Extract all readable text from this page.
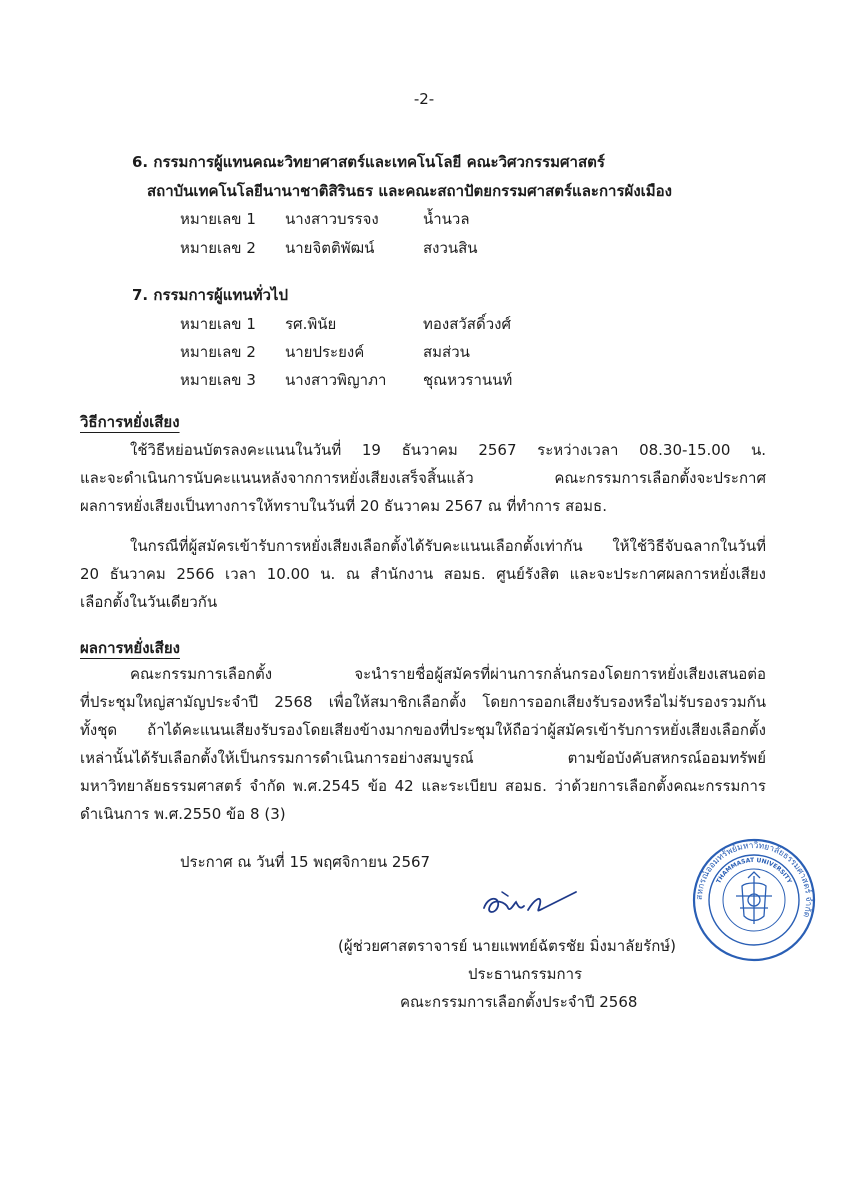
-2-
6. กรรมการผู้แทนคณะวิทยาศาสตร์และเทคโนโลยี คณะวิศวกรรมศาสตร์
สถาบันเทคโนโลยีนานาชาติสิรินธร และคณะสถาปัตยกรรมศาสตร์และการผังเมือง
หมายเลข 1 นางสาวบรรจง	น้ำนวล
หมายเลข 2 นายจิตติพัฒน์	สงวนสิน
7. กรรมการผู้แทนทั่วไป
หมายเลข 1 รศ.พินัย	ทองสวัสดิ์วงศ์
หมายเลข 2 นายประยงค์	สมส่วน
หมายเลข 3 นางสาวพิญาภา ชุณหวรานนท์
วิธีการหยั่งเสียง
ใช้วิธีหย่อนบัตรลงคะแนนในวันที่ 19 ธันวาคม 2567 ระหว่างเวลา 08.30-15.00 น.
และจะดำเนินการนับคะแนนหลังจากการหยั่งเสียงเสร็จสิ้นแล้ว คณะกรรมการเลือกตั้งจะประกาศ
ผลการหยั่งเสียงเป็นทางการให้ทราบในวันที่ 20 ธันวาคม 2567 ณ ที่ทำการ สอมธ.
ในกรณีที่ผู้สมัครเข้ารับการหยั่งเสียงเลือกตั้งได้รับคะแนนเลือกตั้งเท่ากัน ให้ใช้วิธีจับฉลากในวันที่
20 ธันวาคม 2566 เวลา 10.00 น. ณ สำนักงาน สอมธ. ศูนย์รังสิต และจะประกาศผลการหยั่งเสียง
เลือกตั้งในวันเดียวกัน
ผลการหยั่งเสียง
คณะกรรมการเลือกตั้ง จะนำรายชื่อผู้สมัครที่ผ่านการกลั่นกรองโดยการหยั่งเสียงเสนอต่อ
ที่ประชุมใหญ่สามัญประจำปี 2568 เพื่อให้สมาชิกเลือกตั้ง โดยการออกเสียงรับรองหรือไม่รับรองรวมกัน
ทั้งชุด ถ้าได้คะแนนเสียงรับรองโดยเสียงข้างมากของที่ประชุมให้ถือว่าผู้สมัครเข้ารับการหยั่งเสียงเลือกตั้ง
เหล่านั้นได้รับเลือกตั้งให้เป็นกรรมการดำเนินการอย่างสมบูรณ์ ตามข้อบังคับสหกรณ์ออมทรัพย์
มหาวิทยาลัยธรรมศาสตร์ จำกัด พ.ศ.2545 ข้อ 42 และระเบียบ สอมธ. ว่าด้วยการเลือกตั้งคณะกรรมการ
ดำเนินการ พ.ศ.2550 ข้อ 8 (3)
ประกาศ ณ วันที่ 15 พฤศจิกายน 2567
(ผู้ช่วยศาสตราจารย์ นายแพทย์ฉัตรชัย มิ่งมาลัยรักษ์)
ประธานกรรมการ
คณะกรรมการเลือกตั้งประจำปี 2568
สหกรณ์ออมทรัพย์มหาวิทยาลัยธรรมศาสตร์ จำกัด
THAMMASAT UNIVERSITY
